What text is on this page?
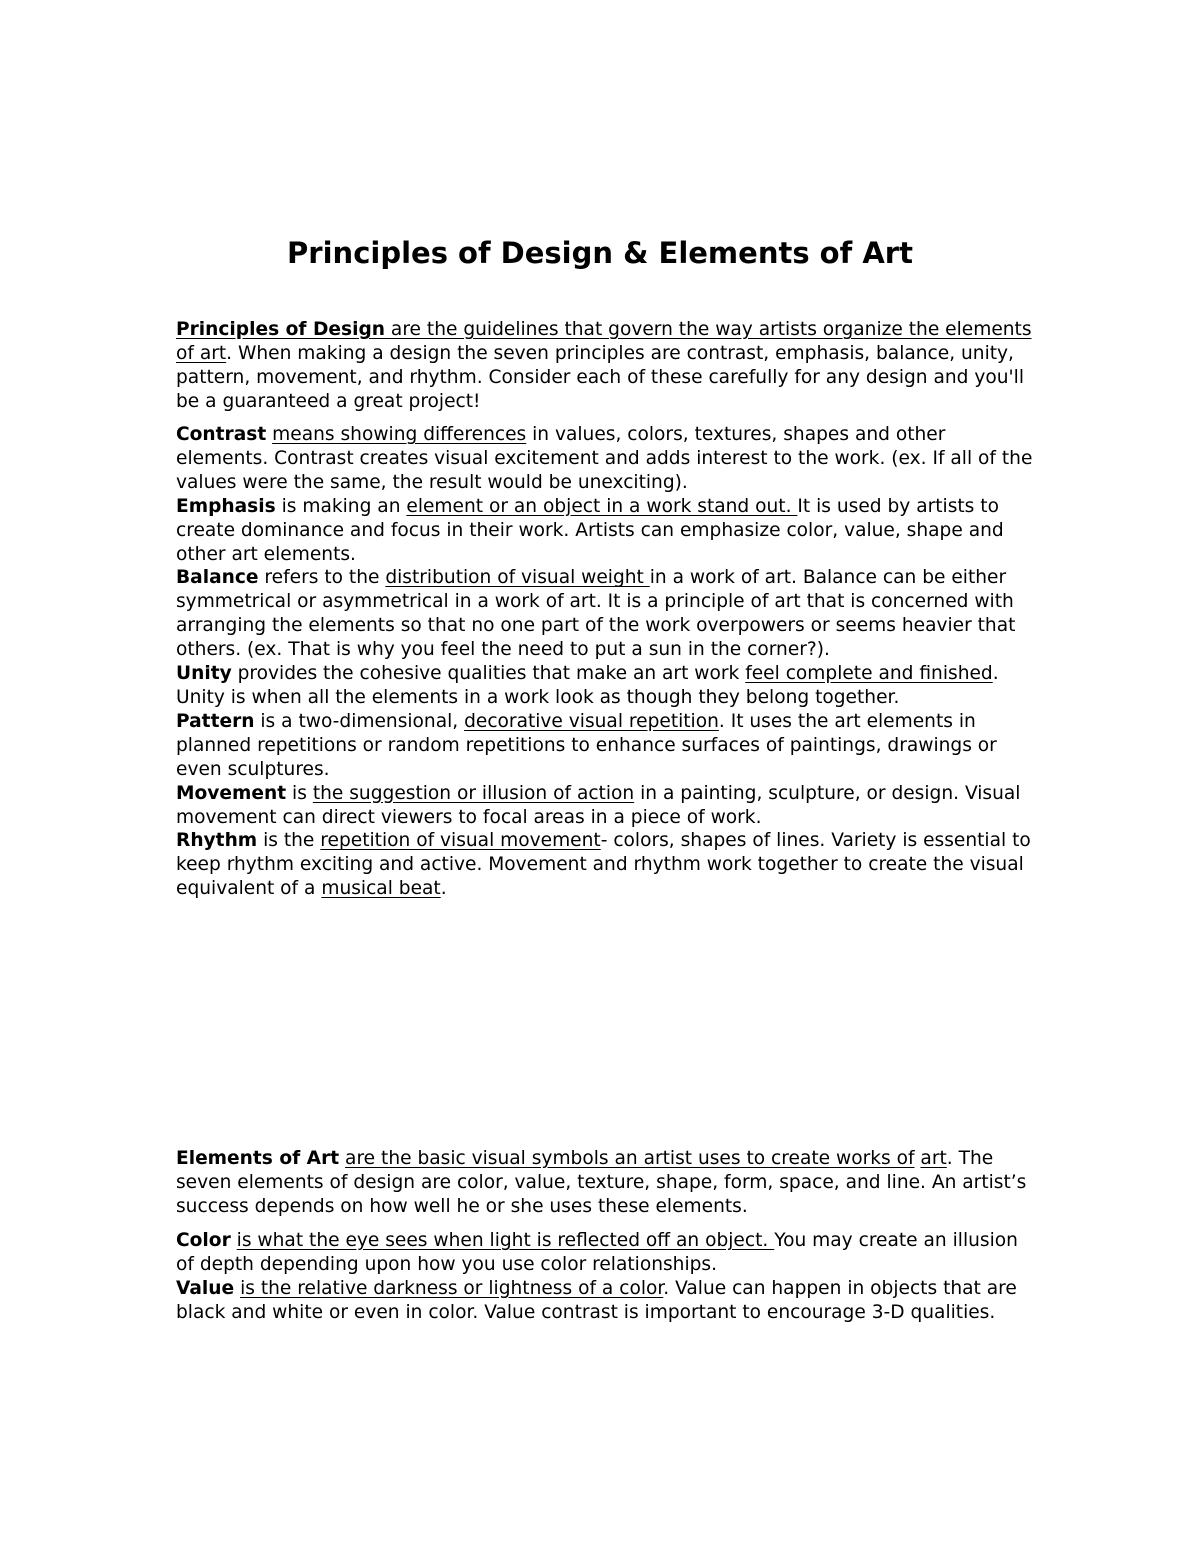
Principles of Design & Elements of Art

Principles of Design are the guidelines that govern the way artists organize the elements of art. When making a design the seven principles are contrast, emphasis, balance, unity, pattern, movement, and rhythm. Consider each of these carefully for any design and you'll be a guaranteed a great project!

Contrast means showing differences in values, colors, textures, shapes and other elements. Contrast creates visual excitement and adds interest to the work. (ex. If all of the values were the same, the result would be unexciting).
Emphasis is making an element or an object in a work stand out. It is used by artists to create dominance and focus in their work. Artists can emphasize color, value, shape and other art elements.
Balance refers to the distribution of visual weight in a work of art. Balance can be either symmetrical or asymmetrical in a work of art. It is a principle of art that is concerned with arranging the elements so that no one part of the work overpowers or seems heavier that others. (ex. That is why you feel the need to put a sun in the corner?).
Unity provides the cohesive qualities that make an art work feel complete and finished. Unity is when all the elements in a work look as though they belong together.
Pattern is a two-dimensional, decorative visual repetition. It uses the art elements in planned repetitions or random repetitions to enhance surfaces of paintings, drawings or even sculptures.
Movement is the suggestion or illusion of action in a painting, sculpture, or design. Visual movement can direct viewers to focal areas in a piece of work.
Rhythm is the repetition of visual movement- colors, shapes of lines. Variety is essential to keep rhythm exciting and active. Movement and rhythm work together to create the visual equivalent of a musical beat.

Elements of Art are the basic visual symbols an artist uses to create works of art. The seven elements of design are color, value, texture, shape, form, space, and line. An artist’s success depends on how well he or she uses these elements.

Color is what the eye sees when light is reflected off an object. You may create an illusion of depth depending upon how you use color relationships.
Value is the relative darkness or lightness of a color. Value can happen in objects that are black and white or even in color. Value contrast is important to encourage 3-D qualities.
